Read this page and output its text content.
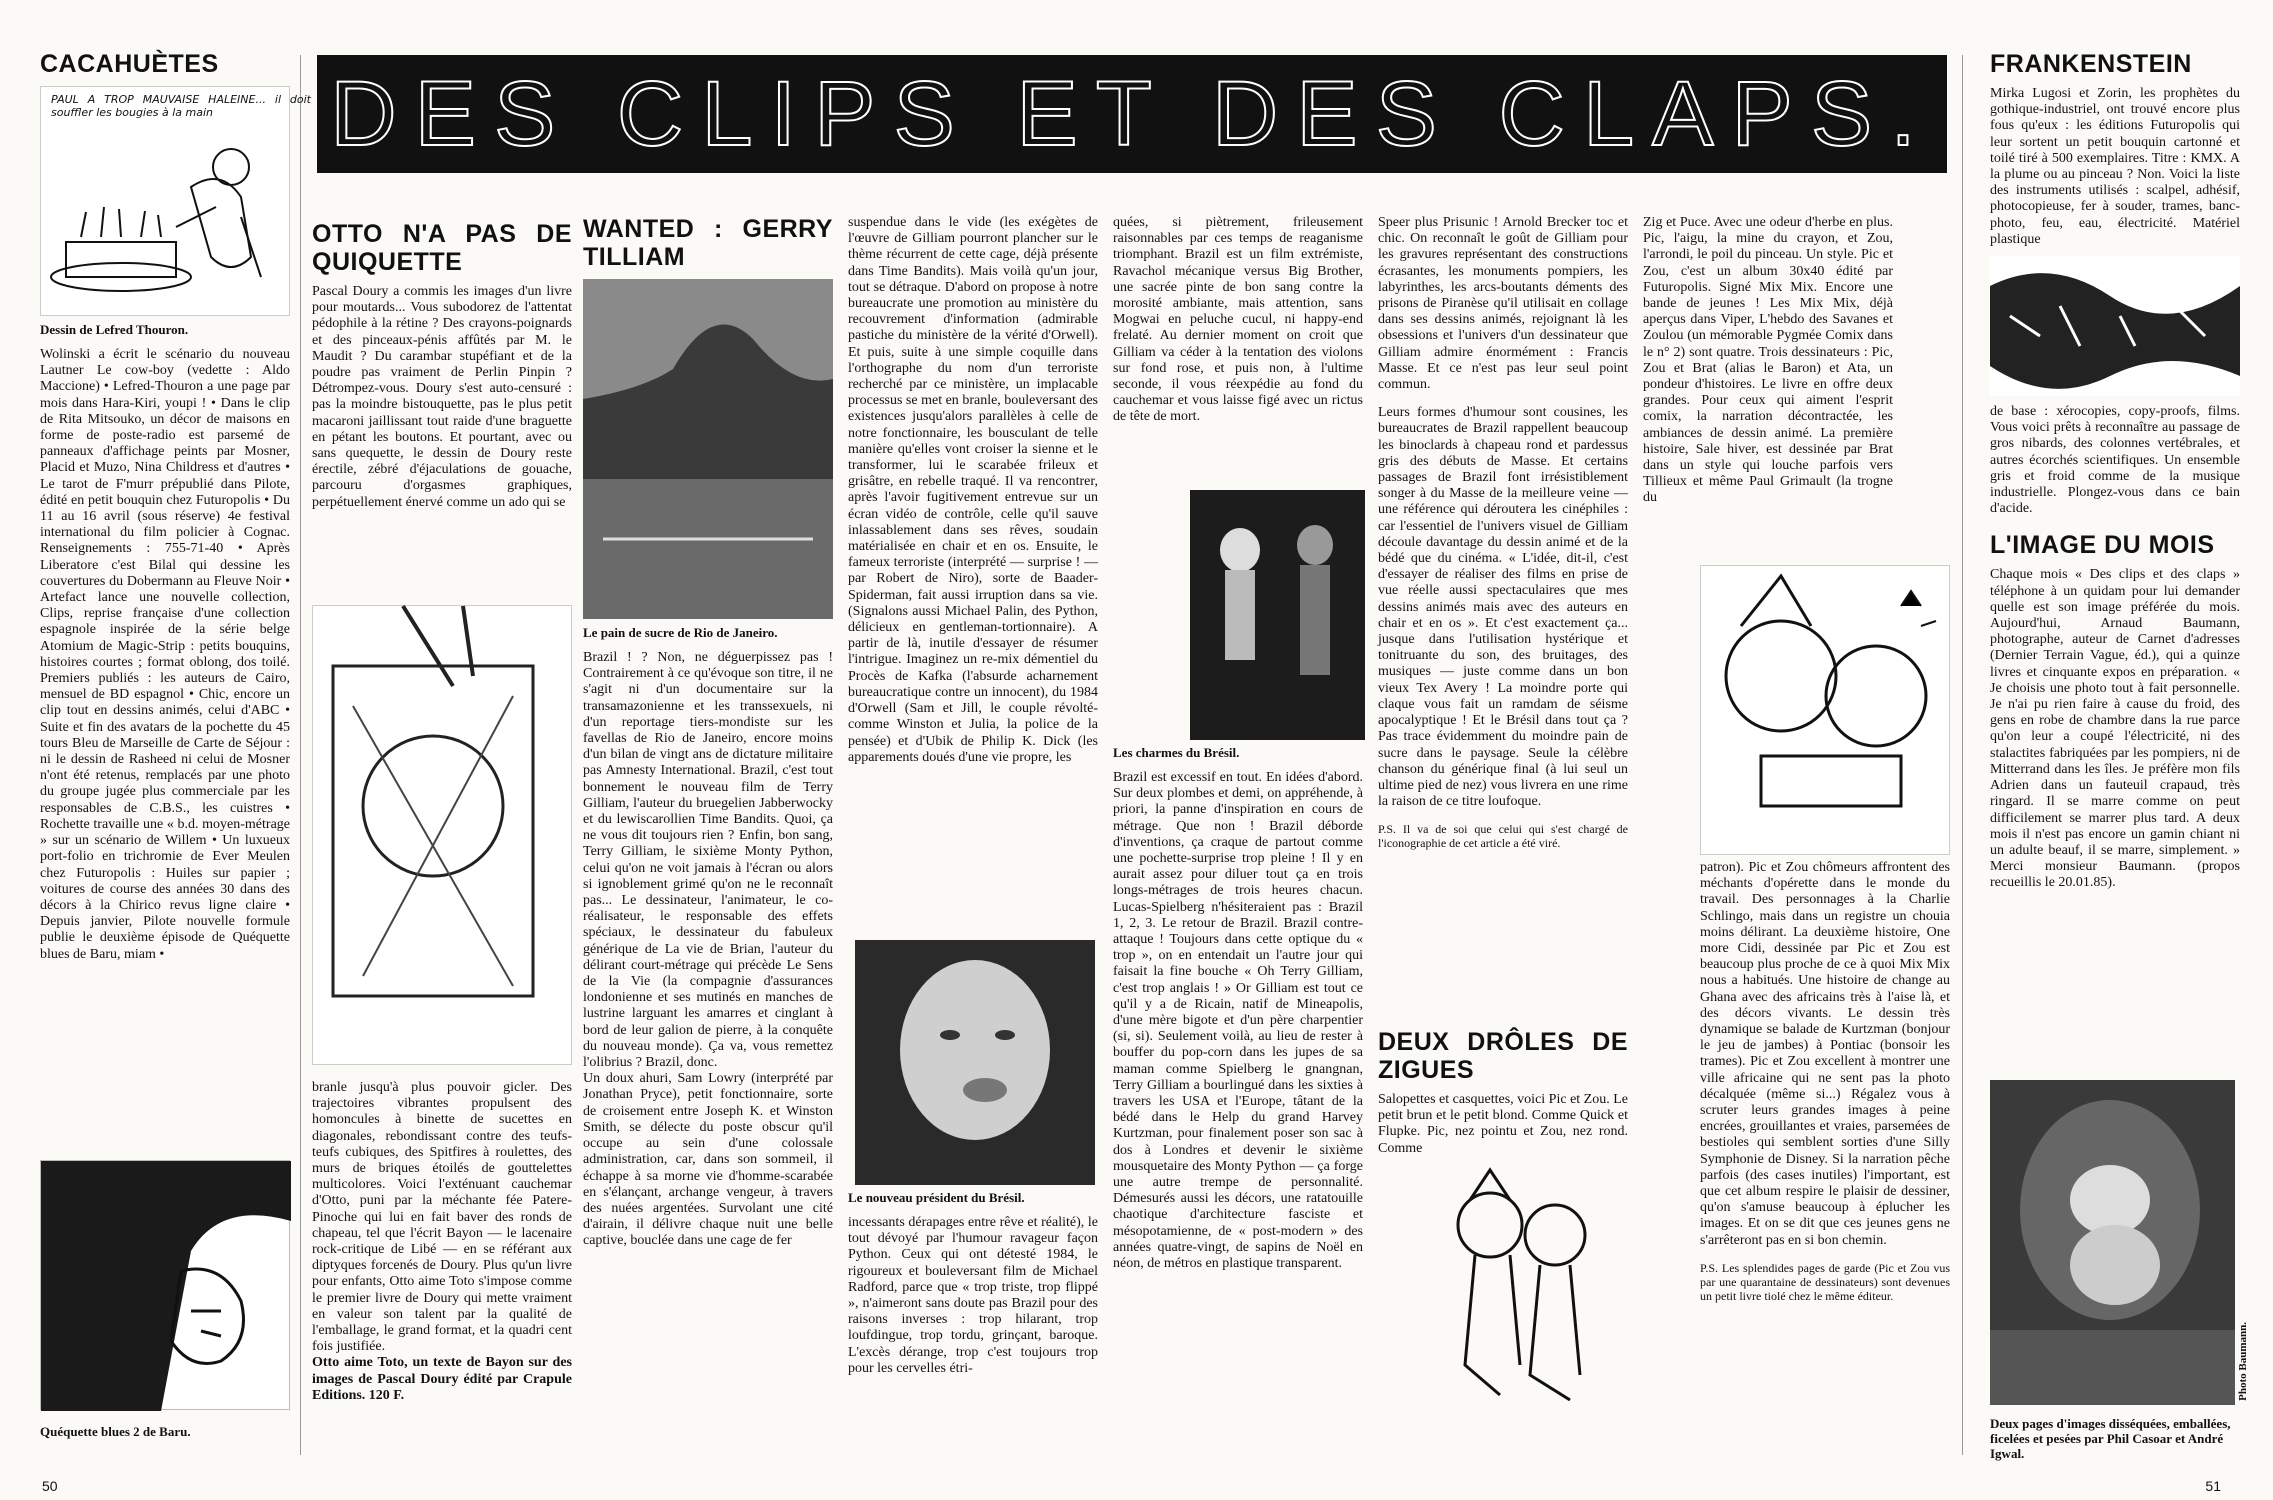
DES CLIPS ET DES CLAPS.
CACAHUÈTES
PAUL A TROP MAUVAISE HALEINE... il doit souffler les bougies à la main
Dessin de Lefred Thouron.

Wolinski a écrit le scénario du nouveau Lautner Le cow-boy (vedette : Aldo Maccione) • Lefred-Thouron a une page par mois dans Hara-Kiri, youpi ! • Dans le clip de Rita Mitsouko, un décor de maisons en forme de poste-radio est parsemé de panneaux d'affichage peints par Mosner, Placid et Muzo, Nina Childress et d'autres • Le tarot de F'murr prépublié dans Pilote, édité en petit bouquin chez Futuropolis • Du 11 au 16 avril (sous réserve) 4e festival international du film policier à Cognac. Renseignements : 755-71-40 • Après Liberatore c'est Bilal qui dessine les couvertures du Dobermann au Fleuve Noir • Artefact lance une nouvelle collection, Clips, reprise française d'une collection espagnole inspirée de la série belge Atomium de Magic-Strip : petits bouquins, histoires courtes ; format oblong, dos toilé. Premiers publiés : les auteurs de Cairo, mensuel de BD espagnol • Chic, encore un clip tout en dessins animés, celui d'ABC • Suite et fin des avatars de la pochette du 45 tours Bleu de Marseille de Carte de Séjour : ni le dessin de Rasheed ni celui de Mosner n'ont été retenus, remplacés par une photo du groupe jugée plus commerciale par les responsables de C.B.S., les cuistres • Rochette travaille une « b.d. moyen-métrage » sur un scénario de Willem • Un luxueux port-folio en trichromie de Ever Meulen chez Futuropolis : Huiles sur papier ; voitures de course des années 30 dans des décors à la Chirico revus ligne claire • Depuis janvier, Pilote nouvelle formule publie le deuxième épisode de Quéquette blues de Baru, miam •

Quéquette blues 2 de Baru.
OTTO N'A PAS DE QUIQUETTE

Pascal Doury a commis les images d'un livre pour moutards... Vous subodorez de l'attentat pédophile à la rétine ? Des crayons-poignards et des pinceaux-pénis affûtés par M. le Maudit ? Du carambar stupéfiant et de la poudre pas vraiment de Perlin Pinpin ? Détrompez-vous. Doury s'est auto-censuré : pas la moindre bistouquette, pas le plus petit macaroni jaillissant tout raide d'une braguette en pétant les boutons. Et pourtant, avec ou sans quequette, le dessin de Doury reste érectile, zébré d'éjaculations de gouache, parcouru d'orgasmes graphiques, perpétuellement énervé comme un ado qui se

branle jusqu'à plus pouvoir gicler. Des trajectoires vibrantes propulsent des homoncules à binette de sucettes en diagonales, rebondissant contre des teufs-teufs cubiques, des Spitfires à roulettes, des murs de briques étoilés de gouttelettes multicolores. Voici l'exténuant cauchemar d'Otto, puni par la méchante fée Patere-Pinoche qui lui en fait baver des ronds de chapeau, tel que l'écrit Bayon — le lacenaire rock-critique de Libé — en se référant aux diptyques forcenés de Doury. Plus qu'un livre pour enfants, Otto aime Toto s'impose comme le premier livre de Doury qui mette vraiment en valeur son talent par la qualité de l'emballage, le grand format, et la quadri cent fois justifiée.

Otto aime Toto, un texte de Bayon sur des images de Pascal Doury édité par Crapule Editions. 120 F.

WANTED : GERRY TILLIAM
Le pain de sucre de Rio de Janeiro.

Brazil ! ? Non, ne déguerpissez pas ! Contrairement à ce qu'évoque son titre, il ne s'agit ni d'un documentaire sur la transamazonienne et les transsexuels, ni d'un reportage tiers-mondiste sur les favellas de Rio de Janeiro, encore moins d'un bilan de vingt ans de dictature militaire pas Amnesty International. Brazil, c'est tout bonnement le nouveau film de Terry Gilliam, l'auteur du bruegelien Jabberwocky et du lewiscarollien Time Bandits. Quoi, ça ne vous dit toujours rien ? Enfin, bon sang, Terry Gilliam, le sixième Monty Python, celui qu'on ne voit jamais à l'écran ou alors si ignoblement grimé qu'on ne le reconnaît pas... Le dessinateur, l'animateur, le co-réalisateur, le responsable des effets spéciaux, le dessinateur du fabuleux générique de La vie de Brian, l'auteur du délirant court-métrage qui précède Le Sens de la Vie (la compagnie d'assurances londonienne et ses mutinés en manches de lustrine larguant les amarres et cinglant à bord de leur galion de pierre, à la conquête du nouveau monde). Ça va, vous remettez l'olibrius ? Brazil, donc.

Un doux ahuri, Sam Lowry (interprété par Jonathan Pryce), petit fonctionnaire, sorte de croisement entre Joseph K. et Winston Smith, se délecte du poste obscur qu'il occupe au sein d'une colossale administration, car, dans son sommeil, il échappe à sa morne vie d'homme-scarabée en s'élançant, archange vengeur, à travers des nuées argentées. Survolant une cité d'airain, il délivre chaque nuit une belle captive, bouclée dans une cage de fer

suspendue dans le vide (les exégètes de l'œuvre de Gilliam pourront plancher sur le thème récurrent de cette cage, déjà présente dans Time Bandits). Mais voilà qu'un jour, tout se détraque. D'abord on propose à notre bureaucrate une promotion au ministère du recouvrement d'information (admirable pastiche du ministère de la vérité d'Orwell). Et puis, suite à une simple coquille dans l'orthographe du nom d'un terroriste recherché par ce ministère, un implacable processus se met en branle, bouleversant des existences jusqu'alors parallèles à celle de notre fonctionnaire, les bousculant de telle manière qu'elles vont croiser la sienne et le transformer, lui le scarabée frileux et grisâtre, en rebelle traqué. Il va rencontrer, après l'avoir fugitivement entrevue sur un écran vidéo de contrôle, celle qu'il sauve inlassablement dans ses rêves, soudain matérialisée en chair et en os. Ensuite, le fameux terroriste (interprété — surprise ! — par Robert de Niro), sorte de Baader-Spiderman, fait aussi irruption dans sa vie. (Signalons aussi Michael Palin, des Python, délicieux en gentleman-tortionnaire). A partir de là, inutile d'essayer de résumer l'intrigue. Imaginez un re-mix démentiel du Procès de Kafka (l'absurde acharnement bureaucratique contre un innocent), du 1984 d'Orwell (Sam et Jill, le couple révolté-comme Winston et Julia, la police de la pensée) et d'Ubik de Philip K. Dick (les apparements doués d'une vie propre, les

Le nouveau président du Brésil.

incessants dérapages entre rêve et réalité), le tout dévoyé par l'humour ravageur façon Python. Ceux qui ont détesté 1984, le rigoureux et bouleversant film de Michael Radford, parce que « trop triste, trop flippé », n'aimeront sans doute pas Brazil pour des raisons inverses : trop hilarant, trop loufdingue, trop tordu, grinçant, baroque. L'excès dérange, trop c'est toujours trop pour les cervelles étri-

quées, si piètrement, frileusement raisonnables par ces temps de reaganisme triomphant. Brazil est un film extrémiste, Ravachol mécanique versus Big Brother, une sacrée pinte de bon sang contre la morosité ambiante, mais attention, sans Mogwai en peluche cucul, ni happy-end frelaté. Au dernier moment on croit que Gilliam va céder à la tentation des violons sur fond rose, et puis non, à l'ultime seconde, il vous réexpédie au fond du cauchemar et vous laisse figé avec un rictus de tête de mort.

Les charmes du Brésil.

Brazil est excessif en tout. En idées d'abord. Sur deux plombes et demi, on appréhende, à priori, la panne d'inspiration en cours de métrage. Que non ! Brazil déborde d'inventions, ça craque de partout comme une pochette-surprise trop pleine ! Il y en aurait assez pour diluer tout ça en trois longs-métrages de trois heures chacun. Lucas-Spielberg n'hésiteraient pas : Brazil 1, 2, 3. Le retour de Brazil. Brazil contre-attaque ! Toujours dans cette optique du « trop », on en entendait un l'autre jour qui faisait la fine bouche « Oh Terry Gilliam, c'est trop anglais ! » Or Gilliam est tout ce qu'il y a de Ricain, natif de Mineapolis, d'une mère bigote et d'un père charpentier (si, si). Seulement voilà, au lieu de rester à bouffer du pop-corn dans les jupes de sa maman comme Spielberg le gnangnan, Terry Gilliam a bourlingué dans les sixties à travers les USA et l'Europe, tâtant de la bédé dans le Help du grand Harvey Kurtzman, pour finalement poser son sac à dos à Londres et devenir le sixième mousquetaire des Monty Python — ça forge une autre trempe de personnalité. Démesurés aussi les décors, une ratatouille chaotique d'architecture fasciste et mésopotamienne, de « post-modern » des années quatre-vingt, de sapins de Noël en néon, de métros en plastique transparent.

Speer plus Prisunic ! Arnold Brecker toc et chic. On reconnaît le goût de Gilliam pour les gravures représentant des constructions écrasantes, les monuments pompiers, les labyrinthes, les arcs-boutants déments des prisons de Piranèse qu'il utilisait en collage dans ses dessins animés, rejoignant là les obsessions et l'univers d'un dessinateur que Gilliam admire énormément : Francis Masse. Et ce n'est pas leur seul point commun.

Leurs formes d'humour sont cousines, les bureaucrates de Brazil rappellent beaucoup les binoclards à chapeau rond et pardessus gris des débuts de Masse. Et certains passages de Brazil font irrésistiblement songer à du Masse de la meilleure veine — une référence qui déroutera les cinéphiles : car l'essentiel de l'univers visuel de Gilliam découle davantage du dessin animé et de la bédé que du cinéma. « L'idée, dit-il, c'est d'essayer de réaliser des films en prise de vue réelle aussi spectaculaires que mes dessins animés mais avec des auteurs en chair et en os ». Et c'est exactement ça... jusque dans l'utilisation hystérique et tonitruante du son, des bruitages, des musiques — juste comme dans un bon vieux Tex Avery ! La moindre porte qui claque vous fait un ramdam de séisme apocalyptique ! Et le Brésil dans tout ça ? Pas trace évidemment du moindre pain de sucre dans le paysage. Seule la célèbre chanson du générique final (à lui seul un ultime pied de nez) vous livrera en une rime la raison de ce titre loufoque.

P.S. Il va de soi que celui qui s'est chargé de l'iconographie de cet article a été viré.

DEUX DRÔLES DE ZIGUES

Salopettes et casquettes, voici Pic et Zou. Le petit brun et le petit blond. Comme Quick et Flupke. Pic, nez pointu et Zou, nez rond. Comme

Zig et Puce. Avec une odeur d'herbe en plus. Pic, l'aigu, la mine du crayon, et Zou, l'arrondi, le poil du pinceau. Un style. Pic et Zou, c'est un album 30x40 édité par Futuropolis. Signé Mix Mix. Encore une bande de jeunes ! Les Mix Mix, déjà aperçus dans Viper, L'hebdo des Savanes et Zoulou (un mémorable Pygmée Comix dans le n° 2) sont quatre. Trois dessinateurs : Pic, Zou et Brat (alias le Baron) et Ata, un pondeur d'histoires. Le livre en offre deux grandes. Pour ceux qui aiment l'esprit comix, la narration décontractée, les ambiances de dessin animé. La première histoire, Sale hiver, est dessinée par Brat dans un style qui louche parfois vers Tillieux et même Paul Grimault (la trogne du

patron). Pic et Zou chômeurs affrontent des méchants d'opérette dans le monde du travail. Des personnages à la Charlie Schlingo, mais dans un registre un chouia moins délirant. La deuxième histoire, One more Cidi, dessinée par Pic et Zou est beaucoup plus proche de ce à quoi Mix Mix nous a habitués. Une histoire de change au Ghana avec des africains très à l'aise là, et des décors vivants. Le dessin très dynamique se balade de Kurtzman (bonjour le jeu de jambes) à Pontiac (bonsoir les trames). Pic et Zou excellent à montrer une ville africaine qui ne sent pas la photo décalquée (même si...) Régalez vous à scruter leurs grandes images à peine encrées, grouillantes et vraies, parsemées de bestioles qui semblent sorties d'une Silly Symphonie de Disney. Si la narration pêche parfois (des cases inutiles) l'important, est que cet album respire le plaisir de dessiner, qu'on s'amuse beaucoup à éplucher les images. Et on se dit que ces jeunes gens ne s'arrêteront pas en si bon chemin.

P.S. Les splendides pages de garde (Pic et Zou vus par une quarantaine de dessinateurs) sont devenues un petit livre tiolé chez le même éditeur.

FRANKENSTEIN

Mirka Lugosi et Zorin, les prophètes du gothique-industriel, ont trouvé encore plus fous qu'eux : les éditions Futuropolis qui leur sortent un petit bouquin cartonné et toilé tiré à 500 exemplaires. Titre : KMX. A la plume ou au pinceau ? Non. Voici la liste des instruments utilisés : scalpel, adhésif, photocopieuse, fer à souder, trames, banc-photo, feu, eau, électricité. Matériel plastique

de base : xérocopies, copy-proofs, films. Vous voici prêts à reconnaître au passage de gros nibards, des colonnes vertébrales, et autres écorchés scientifiques. Un ensemble gris et froid comme de la musique industrielle. Plongez-vous dans ce bain d'acide.

L'IMAGE DU MOIS

Chaque mois « Des clips et des claps » téléphone à un quidam pour lui demander quelle est son image préférée du mois. Aujourd'hui, Arnaud Baumann, photographe, auteur de Carnet d'adresses (Dernier Terrain Vague, éd.), qui a quinze livres et cinquante expos en préparation. « Je choisis une photo tout à fait personnelle. Je n'ai pu rien faire à cause du froid, des gens en robe de chambre dans la rue parce qu'on leur a coupé l'électricité, ni des stalactites fabriquées par les pompiers, ni de Mitterrand dans les îles. Je préfère mon fils Adrien dans un fauteuil crapaud, très ringard. Il se marre comme on peut difficilement se marrer plus tard. A deux mois il n'est pas encore un gamin chiant ni un adulte beauf, il se marre, simplement. » Merci monsieur Baumann. (propos recueillis le 20.01.85).

Photo Baumann.
Deux pages d'images disséquées, emballées, ficelées et pesées par Phil Casoar et André Igwal.
50	51
